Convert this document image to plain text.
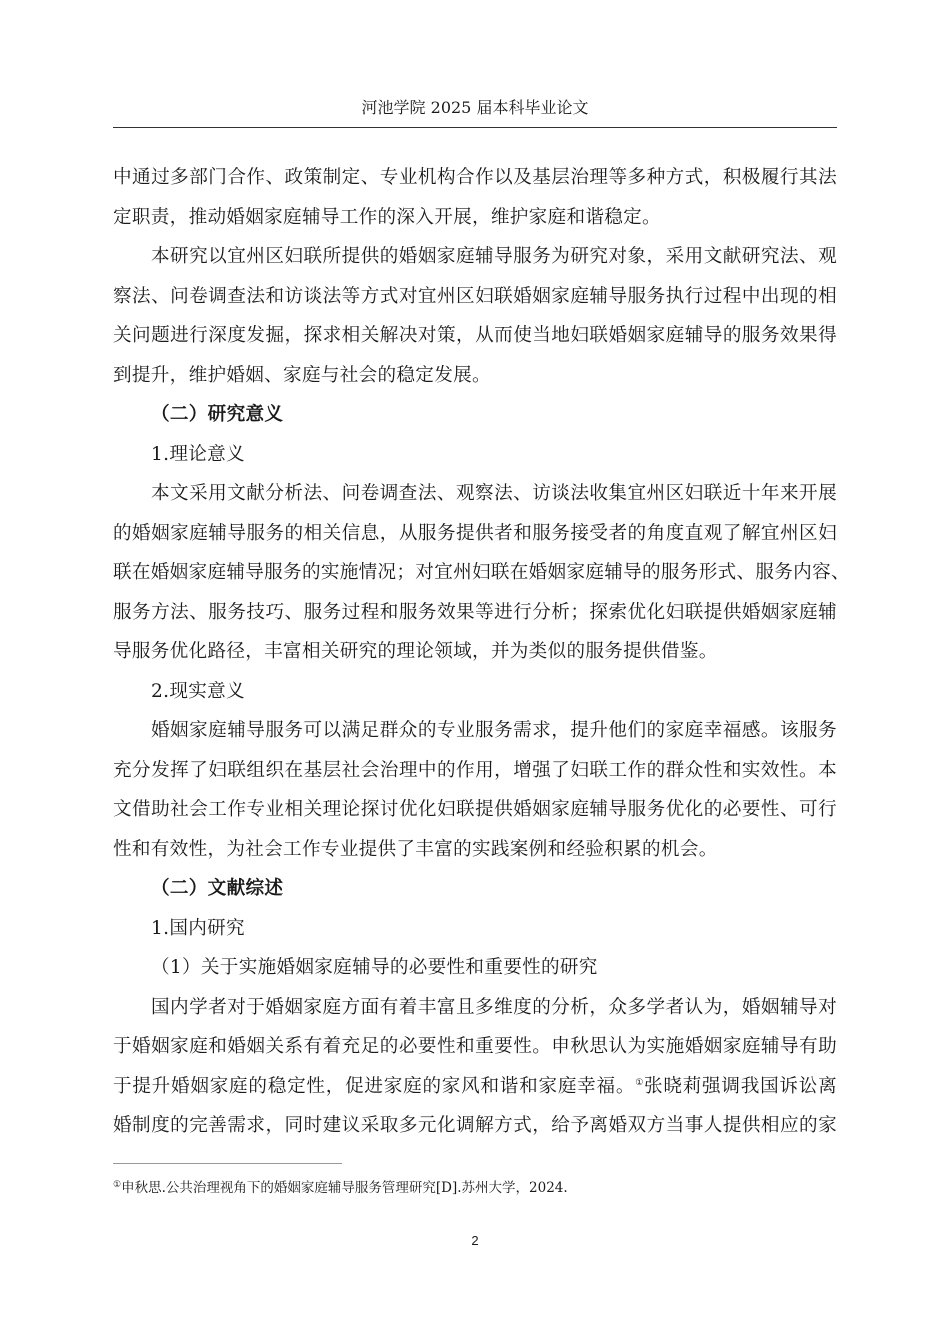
河池学院 2025 届本科毕业论文
中通过多部门合作、政策制定、专业机构合作以及基层治理等多种方式，积极履行其法
定职责，推动婚姻家庭辅导工作的深入开展，维护家庭和谐稳定。
本研究以宜州区妇联所提供的婚姻家庭辅导服务为研究对象，采用文献研究法、观
察法、问卷调查法和访谈法等方式对宜州区妇联婚姻家庭辅导服务执行过程中出现的相
关问题进行深度发掘，探求相关解决对策，从而使当地妇联婚姻家庭辅导的服务效果得
到提升，维护婚姻、家庭与社会的稳定发展。
（二）研究意义
1.理论意义
本文采用文献分析法、问卷调查法、观察法、访谈法收集宜州区妇联近十年来开展
的婚姻家庭辅导服务的相关信息，从服务提供者和服务接受者的角度直观了解宜州区妇
联在婚姻家庭辅导服务的实施情况；对宜州妇联在婚姻家庭辅导的服务形式、服务内容、
服务方法、服务技巧、服务过程和服务效果等进行分析；探索优化妇联提供婚姻家庭辅
导服务优化路径，丰富相关研究的理论领域，并为类似的服务提供借鉴。
2.现实意义
婚姻家庭辅导服务可以满足群众的专业服务需求，提升他们的家庭幸福感。该服务
充分发挥了妇联组织在基层社会治理中的作用，增强了妇联工作的群众性和实效性。本
文借助社会工作专业相关理论探讨优化妇联提供婚姻家庭辅导服务优化的必要性、可行
性和有效性，为社会工作专业提供了丰富的实践案例和经验积累的机会。
（二）文献综述
1.国内研究
（1）关于实施婚姻家庭辅导的必要性和重要性的研究
国内学者对于婚姻家庭方面有着丰富且多维度的分析，众多学者认为，婚姻辅导对
于婚姻家庭和婚姻关系有着充足的必要性和重要性。申秋思认为实施婚姻家庭辅导有助
于提升婚姻家庭的稳定性，促进家庭的家风和谐和家庭幸福。①张晓莉强调我国诉讼离
婚制度的完善需求，同时建议采取多元化调解方式，给予离婚双方当事人提供相应的家
①申秋思.公共治理视角下的婚姻家庭辅导服务管理研究[D].苏州大学，2024.
2
